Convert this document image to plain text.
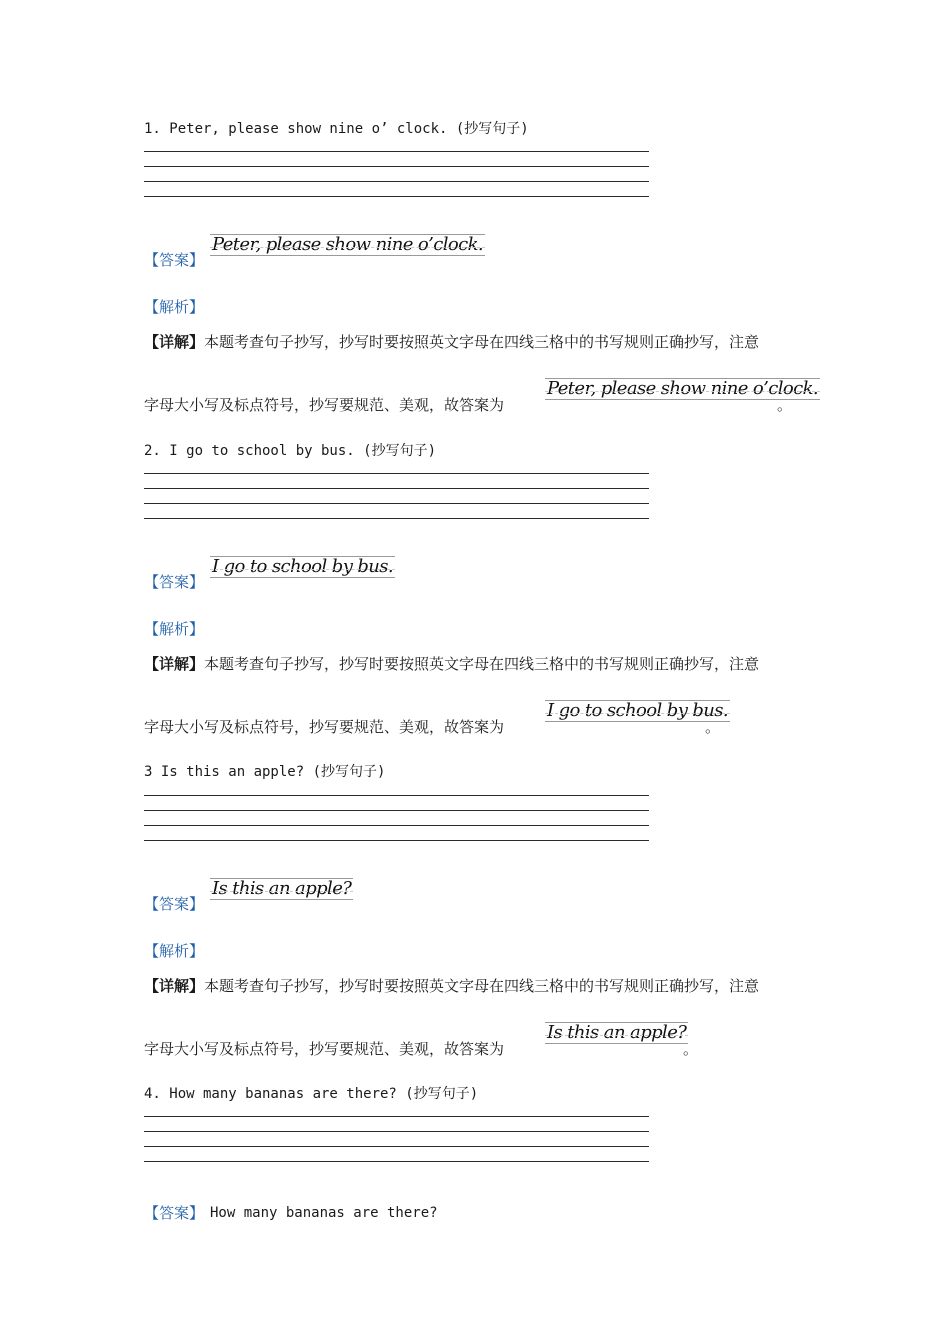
1. Peter, please show nine o’ clock. (抄写句子)
【答案】
Peter, please show nine o’clock.
【解析】
【详解】本题考查句子抄写，抄写时要按照英文字母在四线三格中的书写规则正确抄写，注意
字母大小写及标点符号，抄写要规范、美观，故答案为
Peter, please show nine o’clock.
。
2. I go to school by bus. (抄写句子)
【答案】
I go to school by bus.
【解析】
【详解】本题考查句子抄写，抄写时要按照英文字母在四线三格中的书写规则正确抄写，注意
字母大小写及标点符号，抄写要规范、美观，故答案为
I go to school by bus.
。
3 Is this an apple? (抄写句子)
【答案】
Is this an apple?
【解析】
【详解】本题考查句子抄写，抄写时要按照英文字母在四线三格中的书写规则正确抄写，注意
字母大小写及标点符号，抄写要规范、美观，故答案为
Is this an apple?
。
4. How many bananas are there? (抄写句子)
【答案】 How many bananas are there?
